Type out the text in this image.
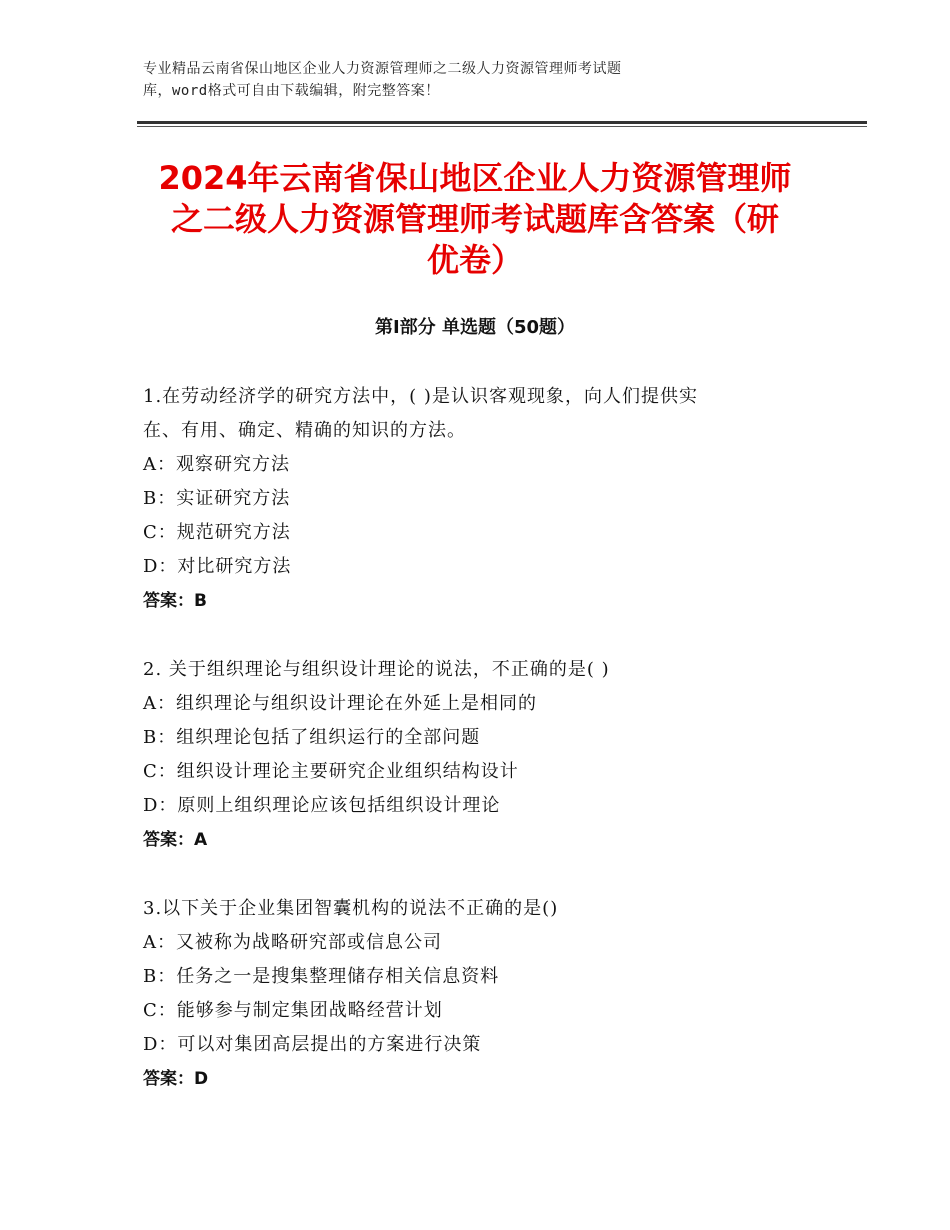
专业精品云南省保山地区企业人力资源管理师之二级人力资源管理师考试题
库，word格式可自由下载编辑，附完整答案！
2024年云南省保山地区企业人力资源管理师
之二级人力资源管理师考试题库含答案（研
优卷）
第Ⅰ部分 单选题（50题）
1.在劳动经济学的研究方法中，( )是认识客观现象，向人们提供实
在、有用、确定、精确的知识的方法。
A：观察研究方法
B：实证研究方法
C：规范研究方法
D：对比研究方法
答案：B
2. 关于组织理论与组织设计理论的说法，不正确的是( )
A：组织理论与组织设计理论在外延上是相同的
B：组织理论包括了组织运行的全部问题
C：组织设计理论主要研究企业组织结构设计
D：原则上组织理论应该包括组织设计理论
答案：A
3.以下关于企业集团智囊机构的说法不正确的是()
A：又被称为战略研究部或信息公司
B：任务之一是搜集整理储存相关信息资料
C：能够参与制定集团战略经营计划
D：可以对集团高层提出的方案进行决策
答案：D
